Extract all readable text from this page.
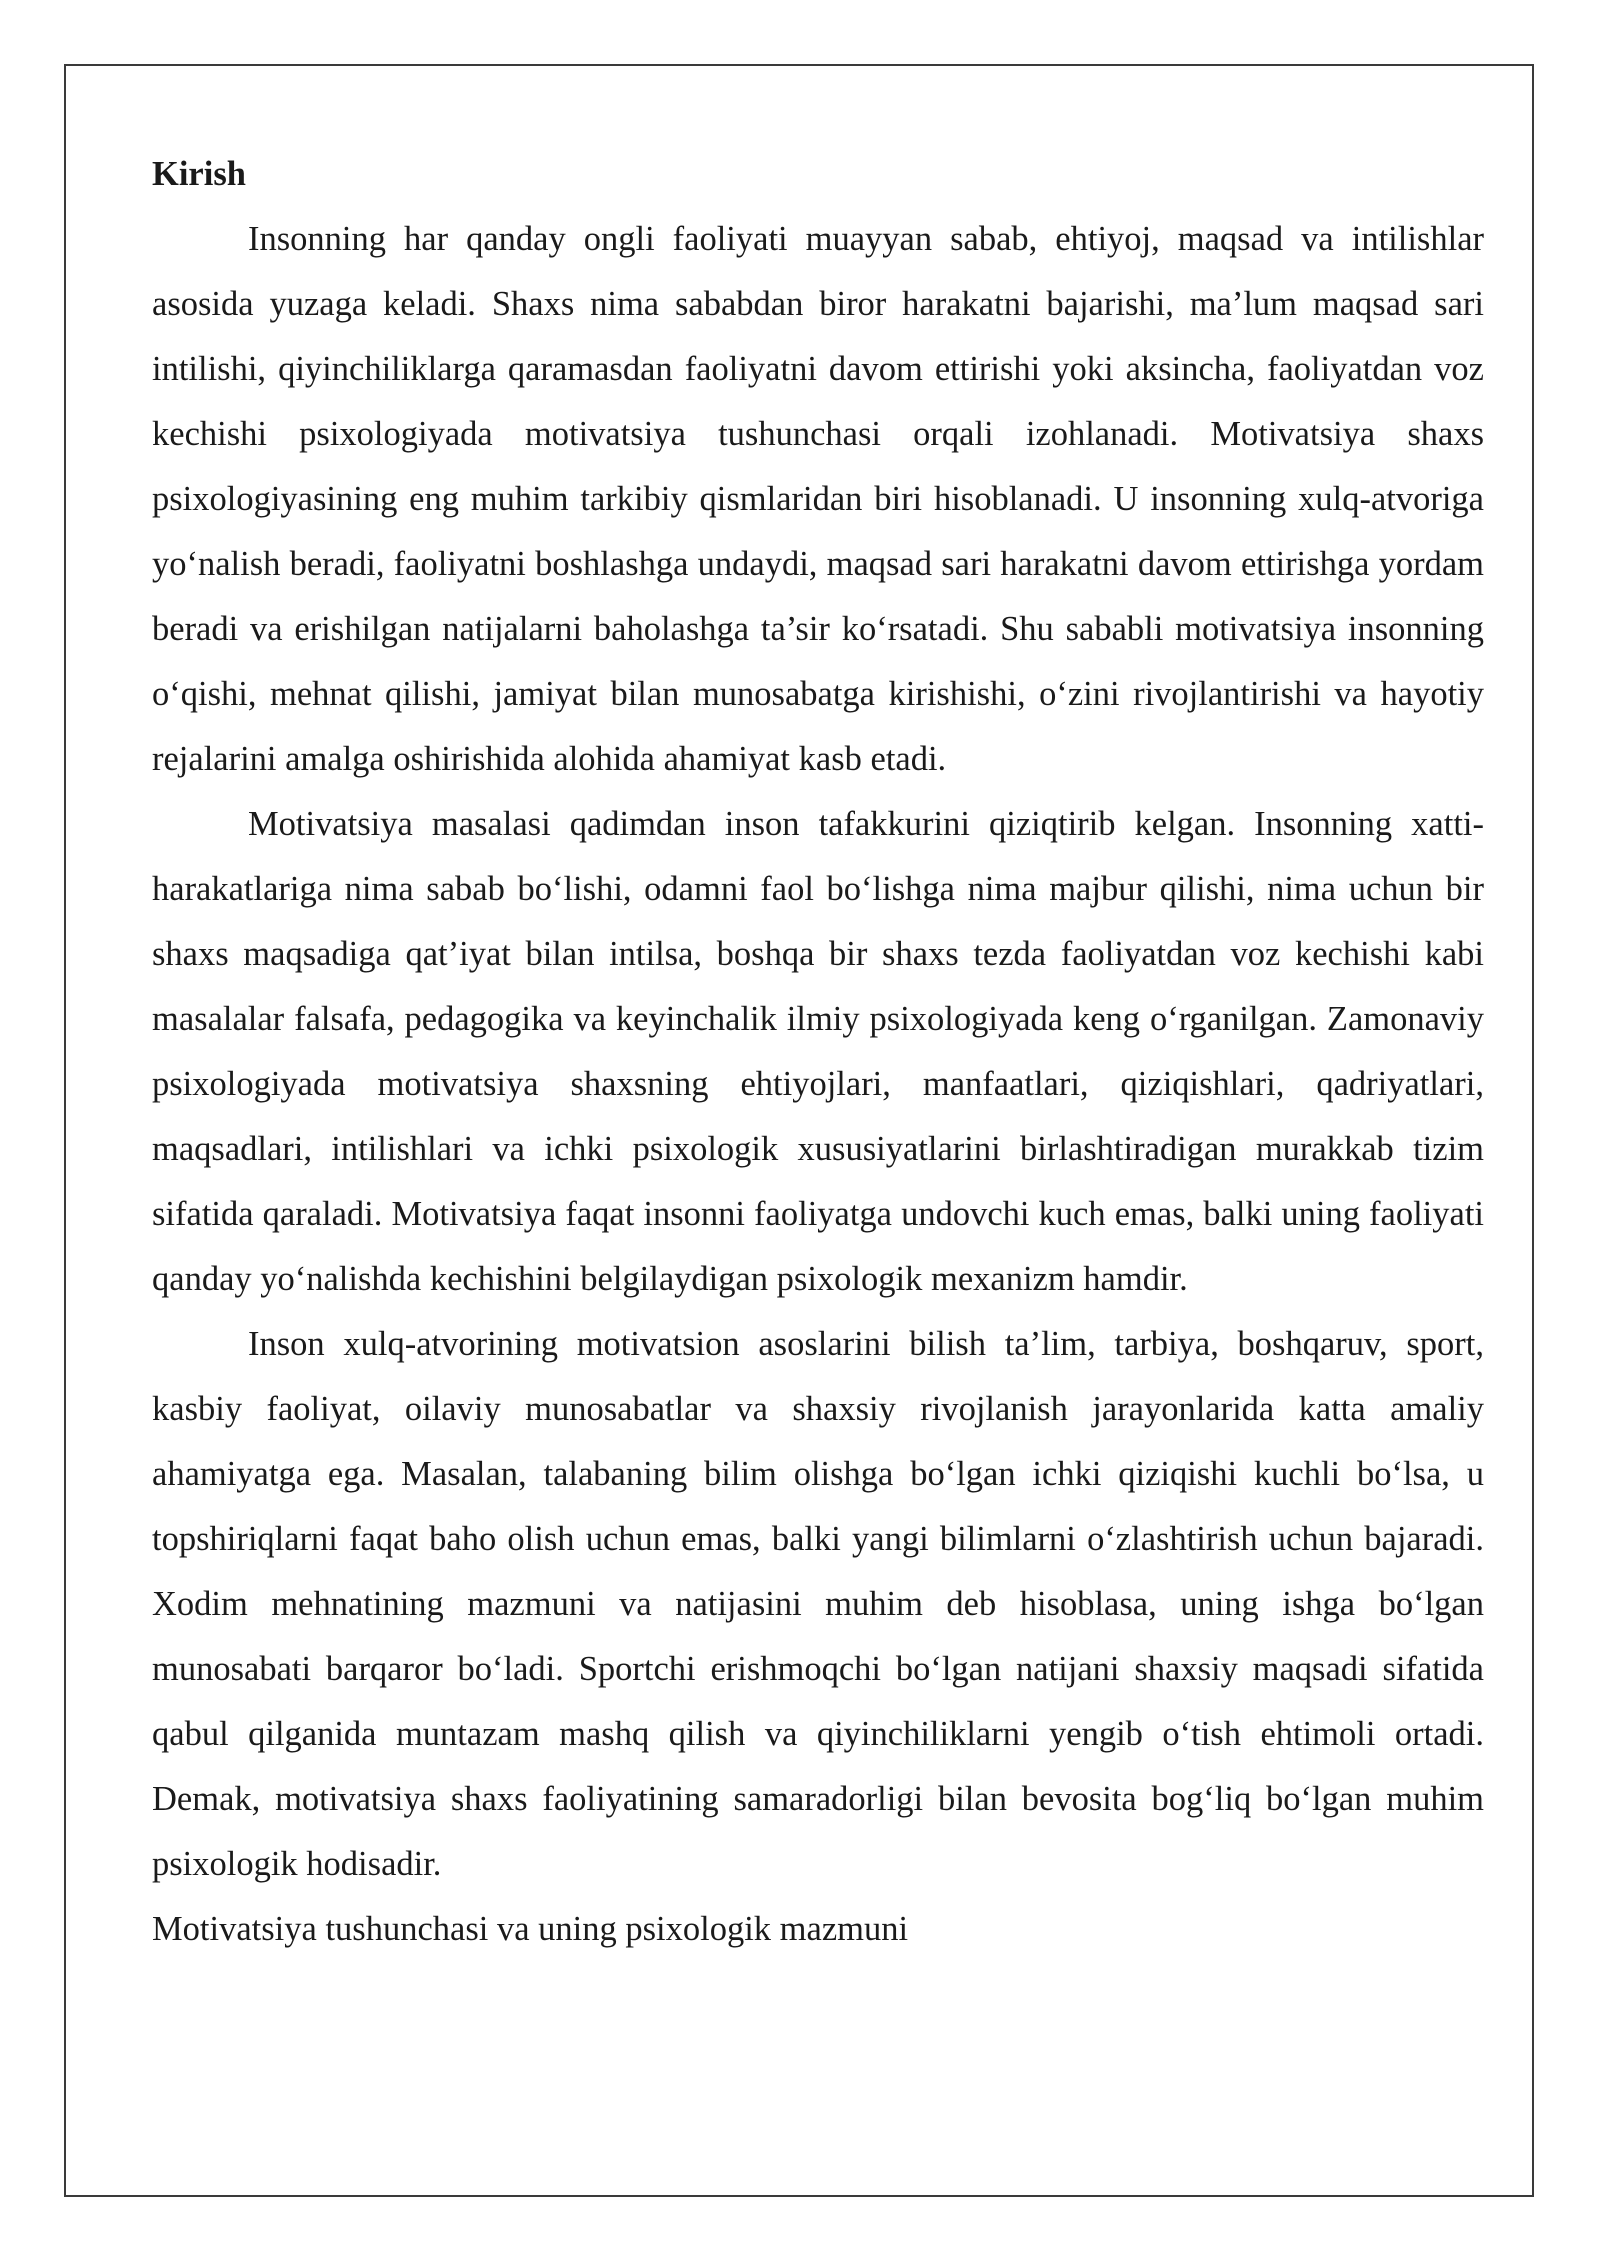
Kirish

Insonning har qanday ongli faoliyati muayyan sabab, ehtiyoj, maqsad va intilishlar asosida yuzaga keladi. Shaxs nima sababdan biror harakatni bajarishi, ma’lum maqsad sari intilishi, qiyinchiliklarga qaramasdan faoliyatni davom ettirishi yoki aksincha, faoliyatdan voz kechishi psixologiyada motivatsiya tushunchasi orqali izohlanadi. Motivatsiya shaxs psixologiyasining eng muhim tarkibiy qismlaridan biri hisoblanadi. U insonning xulq-atvoriga yo‘nalish beradi, faoliyatni boshlashga undaydi, maqsad sari harakatni davom ettirishga yordam beradi va erishilgan natijalarni baholashga ta’sir ko‘rsatadi. Shu sababli motivatsiya insonning o‘qishi, mehnat qilishi, jamiyat bilan munosabatga kirishishi, o‘zini rivojlantirishi va hayotiy rejalarini amalga oshirishida alohida ahamiyat kasb etadi.

Motivatsiya masalasi qadimdan inson tafakkurini qiziqtirib kelgan. Insonning xatti-harakatlariga nima sabab bo‘lishi, odamni faol bo‘lishga nima majbur qilishi, nima uchun bir shaxs maqsadiga qat’iyat bilan intilsa, boshqa bir shaxs tezda faoliyatdan voz kechishi kabi masalalar falsafa, pedagogika va keyinchalik ilmiy psixologiyada keng o‘rganilgan. Zamonaviy psixologiyada motivatsiya shaxsning ehtiyojlari, manfaatlari, qiziqishlari, qadriyatlari, maqsadlari, intilishlari va ichki psixologik xususiyatlarini birlashtiradigan murakkab tizim sifatida qaraladi. Motivatsiya faqat insonni faoliyatga undovchi kuch emas, balki uning faoliyati qanday yo‘nalishda kechishini belgilaydigan psixologik mexanizm hamdir.

Inson xulq-atvorining motivatsion asoslarini bilish ta’lim, tarbiya, boshqaruv, sport, kasbiy faoliyat, oilaviy munosabatlar va shaxsiy rivojlanish jarayonlarida katta amaliy ahamiyatga ega. Masalan, talabaning bilim olishga bo‘lgan ichki qiziqishi kuchli bo‘lsa, u topshiriqlarni faqat baho olish uchun emas, balki yangi bilimlarni o‘zlashtirish uchun bajaradi. Xodim mehnatining mazmuni va natijasini muhim deb hisoblasa, uning ishga bo‘lgan munosabati barqaror bo‘ladi. Sportchi erishmoqchi bo‘lgan natijani shaxsiy maqsadi sifatida qabul qilganida muntazam mashq qilish va qiyinchiliklarni yengib o‘tish ehtimoli ortadi. Demak, motivatsiya shaxs faoliyatining samaradorligi bilan bevosita bog‘liq bo‘lgan muhim psixologik hodisadir.

Motivatsiya tushunchasi va uning psixologik mazmuni
